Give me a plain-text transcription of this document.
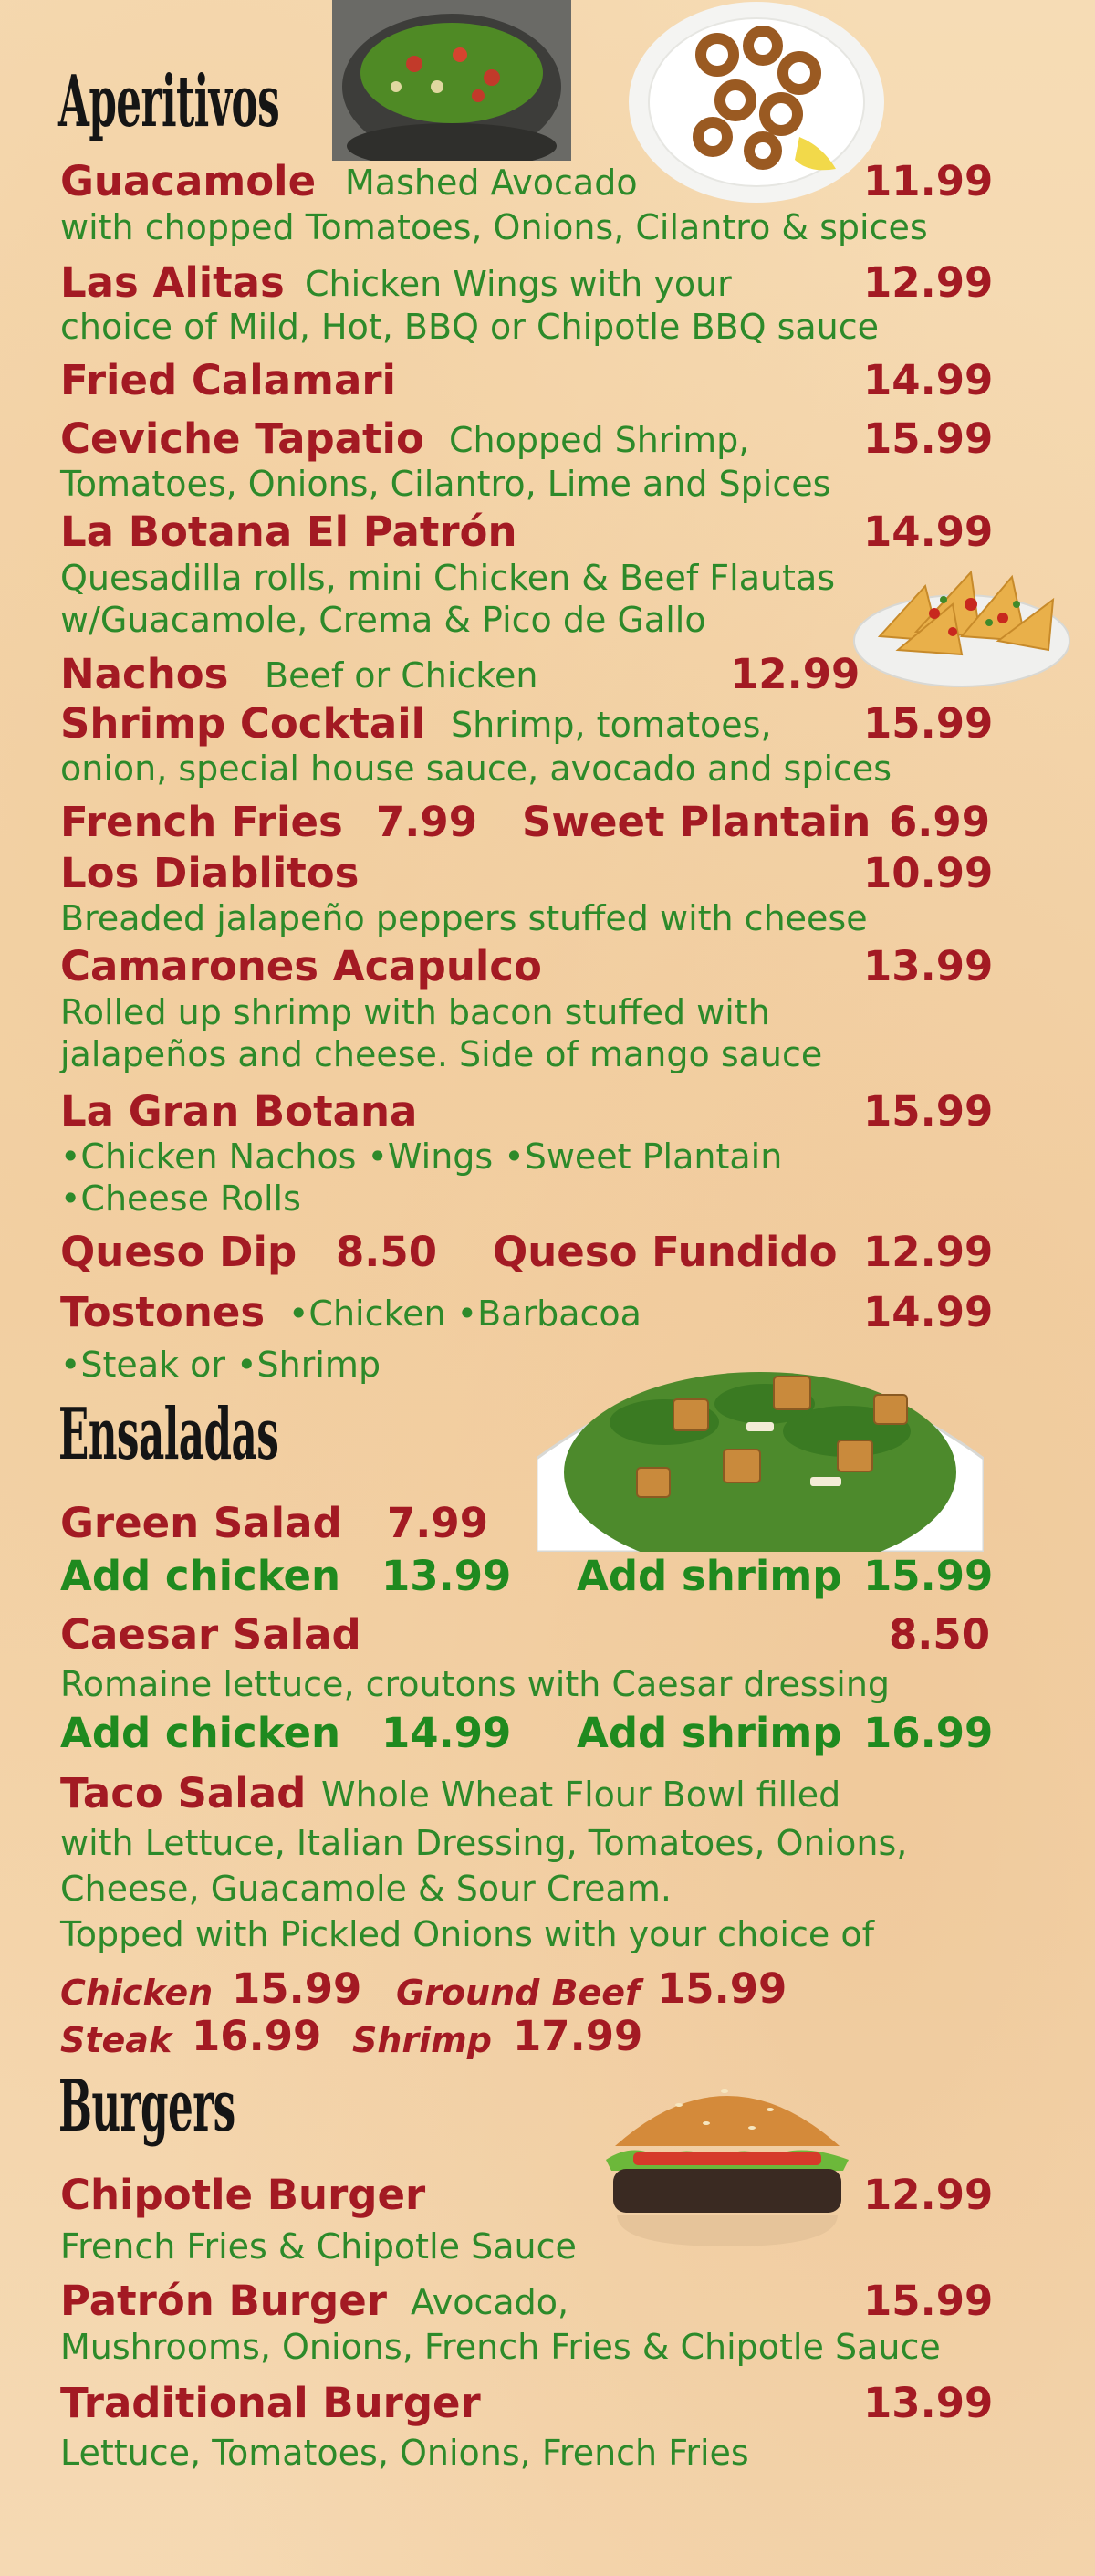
Aperitivos
Guacamole Mashed Avocado	11.99
with chopped Tomatoes, Onions, Cilantro & spices
Las Alitas Chicken Wings with your	12.99
choice of Mild, Hot, BBQ or Chipotle BBQ sauce
Fried Calamari	14.99
Ceviche Tapatio Chopped Shrimp,	15.99
Tomatoes, Onions, Cilantro, Lime and Spices
La Botana El Patrón	14.99
Quesadilla rolls, mini Chicken & Beef Flautas
w/Guacamole, Crema & Pico de Gallo
Nachos Beef or Chicken	12.99
Shrimp Cocktail Shrimp, tomatoes, 15.99
onion, special house sauce, avocado and spices
French Fries 7.99 Sweet Plantain 6.99
Los Diablitos	10.99
Breaded jalapeño peppers stuffed with cheese
Camarones Acapulco	13.99
Rolled up shrimp with bacon stuffed with
jalapeños and cheese. Side of mango sauce
La Gran Botana	15.99
•Chicken Nachos •Wings •Sweet Plantain
•Cheese Rolls
Queso Dip 8.50 Queso Fundido 12.99
Tostones •Chicken •Barbacoa	14.99
•Steak or •Shrimp
Ensaladas
Green Salad 7.99
Add chicken 13.99 Add shrimp 15.99
Caesar Salad	8.50
Romaine lettuce, croutons with Caesar dressing
Add chicken 14.99 Add shrimp 16.99
Taco Salad Whole Wheat Flour Bowl filled
with Lettuce, Italian Dressing, Tomatoes, Onions,
Cheese, Guacamole & Sour Cream.
Topped with Pickled Onions with your choice of
Chicken 15.99 Ground Beef 15.99
Steak 16.99 Shrimp 17.99
Burgers
Chipotle Burger	12.99
French Fries & Chipotle Sauce
Patrón Burger Avocado,	15.99
Mushrooms, Onions, French Fries & Chipotle Sauce
Traditional Burger	13.99
Lettuce, Tomatoes, Onions, French Fries
